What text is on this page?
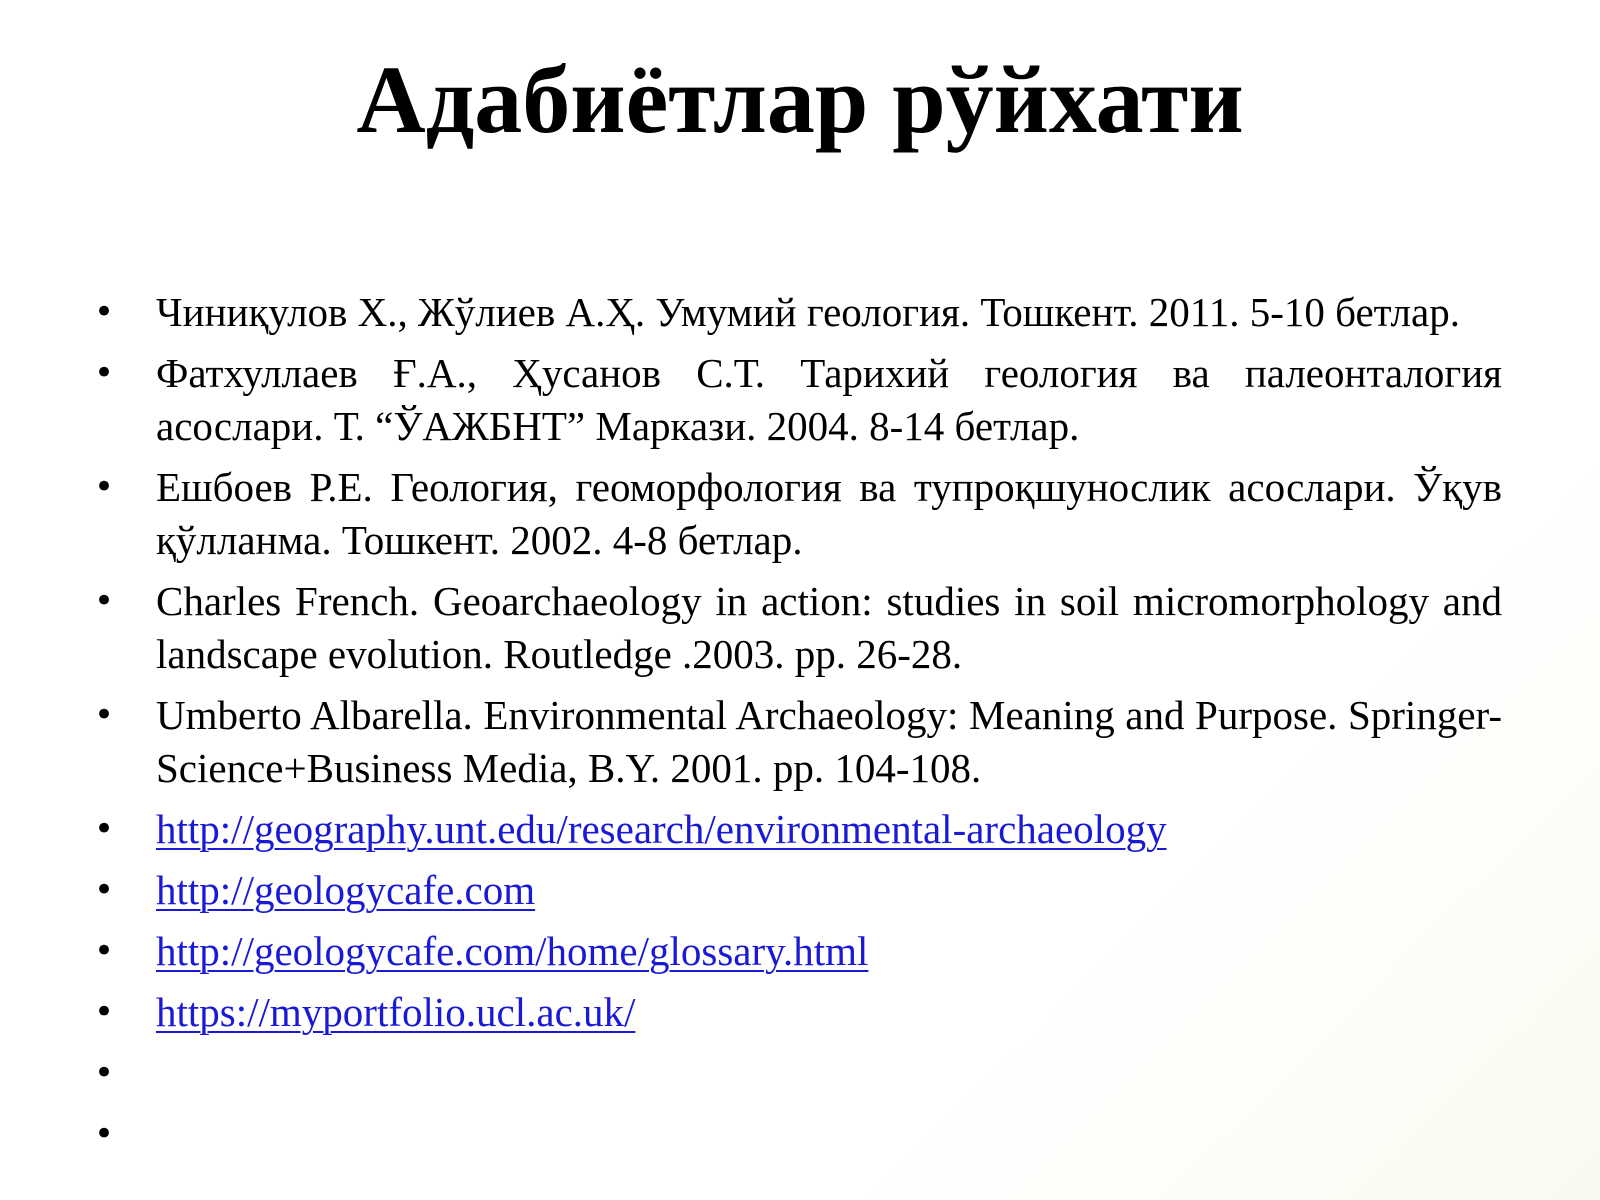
Адабиётлар рўйхати
• Чиниқулов Х., Жўлиев А.Ҳ. Умумий геология. Тошкент. 2011. 5-10 бетлар.
• Фатхуллаев Ғ.А., Ҳусанов С.Т. Тарихий геология ва палеонталогия асослари. Т. “ЎАЖБНТ” Маркази. 2004. 8-14 бетлар.
• Ешбоев Р.Е. Геология, геоморфология ва тупроқшунослик асослари. Ўқув қўлланма. Тошкент. 2002. 4-8 бетлар.
• Charles French. Geoarchaeology in action: studies in soil micromorphology and landscape evolution. Routledge .2003. pp. 26-28.
• Umberto Albarella. Environmental Archaeology: Meaning and Purpose. Springer-Science+Business Media, B.Y. 2001. pp. 104-108.
• http://geography.unt.edu/research/environmental-archaeology
• http://geologycafe.com
• http://geologycafe.com/home/glossary.html
• https://myportfolio.ucl.ac.uk/
•
•
